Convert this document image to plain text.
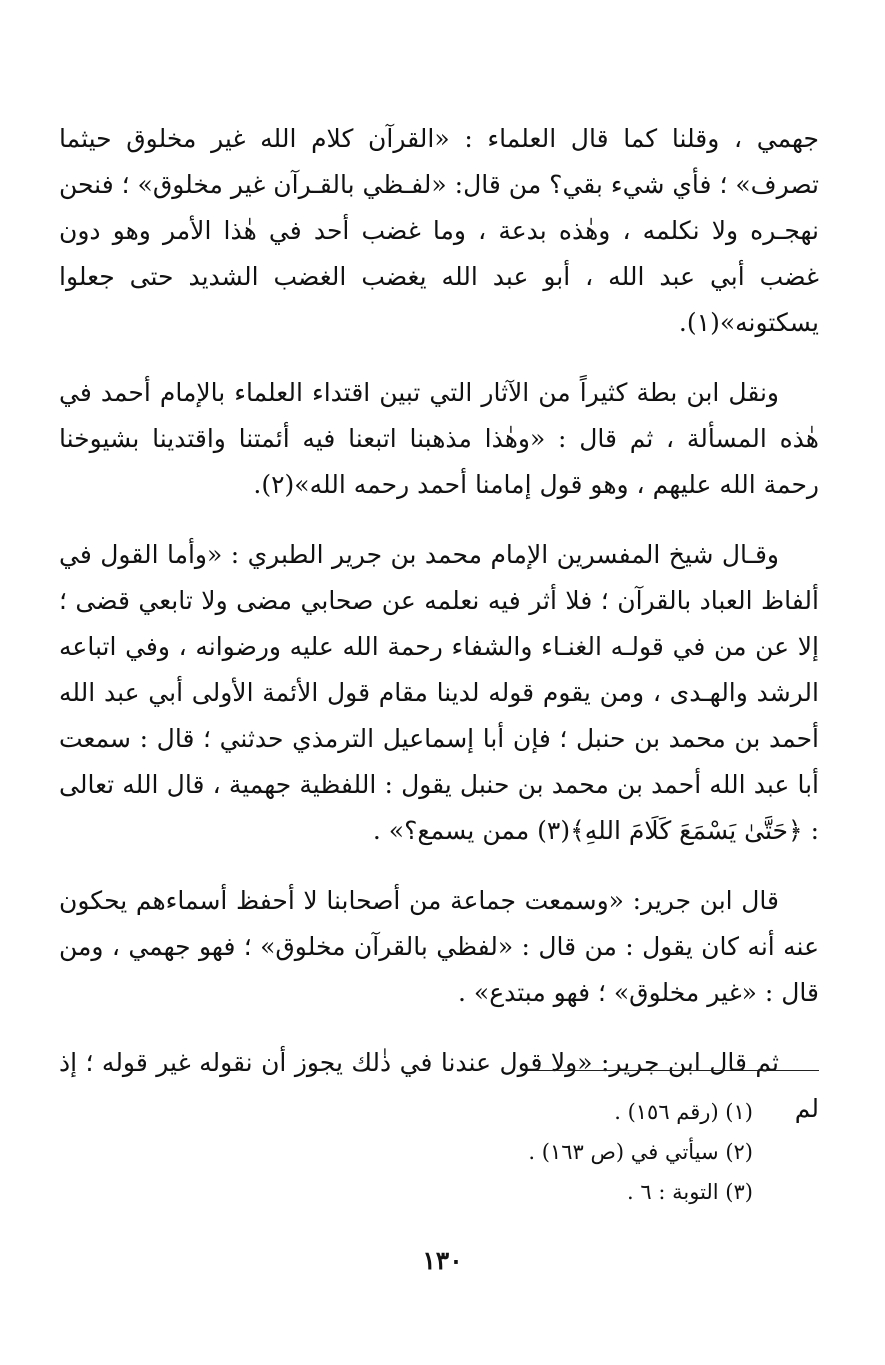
جهمي ، وقلنا كما قال العلماء : «القرآن كلام الله غير مخلوق حيثما تصرف» ؛ فأي شيء بقي؟ من قال: «لفـظي بالقـرآن غير مخلوق» ؛ فنحن نهجـره ولا نكلمه ، وهٰذه بدعة ، وما غضب أحد في هٰذا الأمر وهو دون غضب أبي عبد الله ، أبو عبد الله يغضب الغضب الشديد حتى جعلوا يسكتونه»(١).

ونقل ابن بطة كثيراً من الآثار التي تبين اقتداء العلماء بالإمام أحمد في هٰذه المسألة ، ثم قال : «وهٰذا مذهبنا اتبعنا فيه أئمتنا واقتدينا بشيوخنا رحمة الله عليهم ، وهو قول إمامنا أحمد رحمه الله»(٢).

وقـال شيخ المفسرين الإمام محمد بن جرير الطبري : «وأما القول في ألفاظ العباد بالقرآن ؛ فلا أثر فيه نعلمه عن صحابي مضى ولا تابعي قضى ؛ إلا عن من في قولـه الغنـاء والشفاء رحمة الله عليه ورضوانه ، وفي اتباعه الرشد والهـدى ، ومن يقوم قوله لدينا مقام قول الأئمة الأولى أبي عبد الله أحمد بن محمد بن حنبل ؛ فإن أبا إسماعيل الترمذي حدثني ؛ قال : سمعت أبا عبد الله أحمد بن محمد بن حنبل يقول : اللفظية جهمية ، قال الله تعالى : ﴿حَتَّىٰ يَسْمَعَ كَلَامَ اللهِ﴾(٣) ممن يسمع؟» .

قال ابن جرير: «وسمعت جماعة من أصحابنا لا أحفظ أسماءهم يحكون عنه أنه كان يقول : من قال : «لفظي بالقرآن مخلوق» ؛ فهو جهمي ، ومن قال : «غير مخلوق» ؛ فهو مبتدع» .

ثم قال ابن جرير: «ولا قول عندنا في ذٰلك يجوز أن نقوله غير قوله ؛ إذ لم

(١) (رقم ١٥٦) .

(٢) سيأتي في (ص ١٦٣) .

(٣) التوبة : ٦ .

١٣٠
